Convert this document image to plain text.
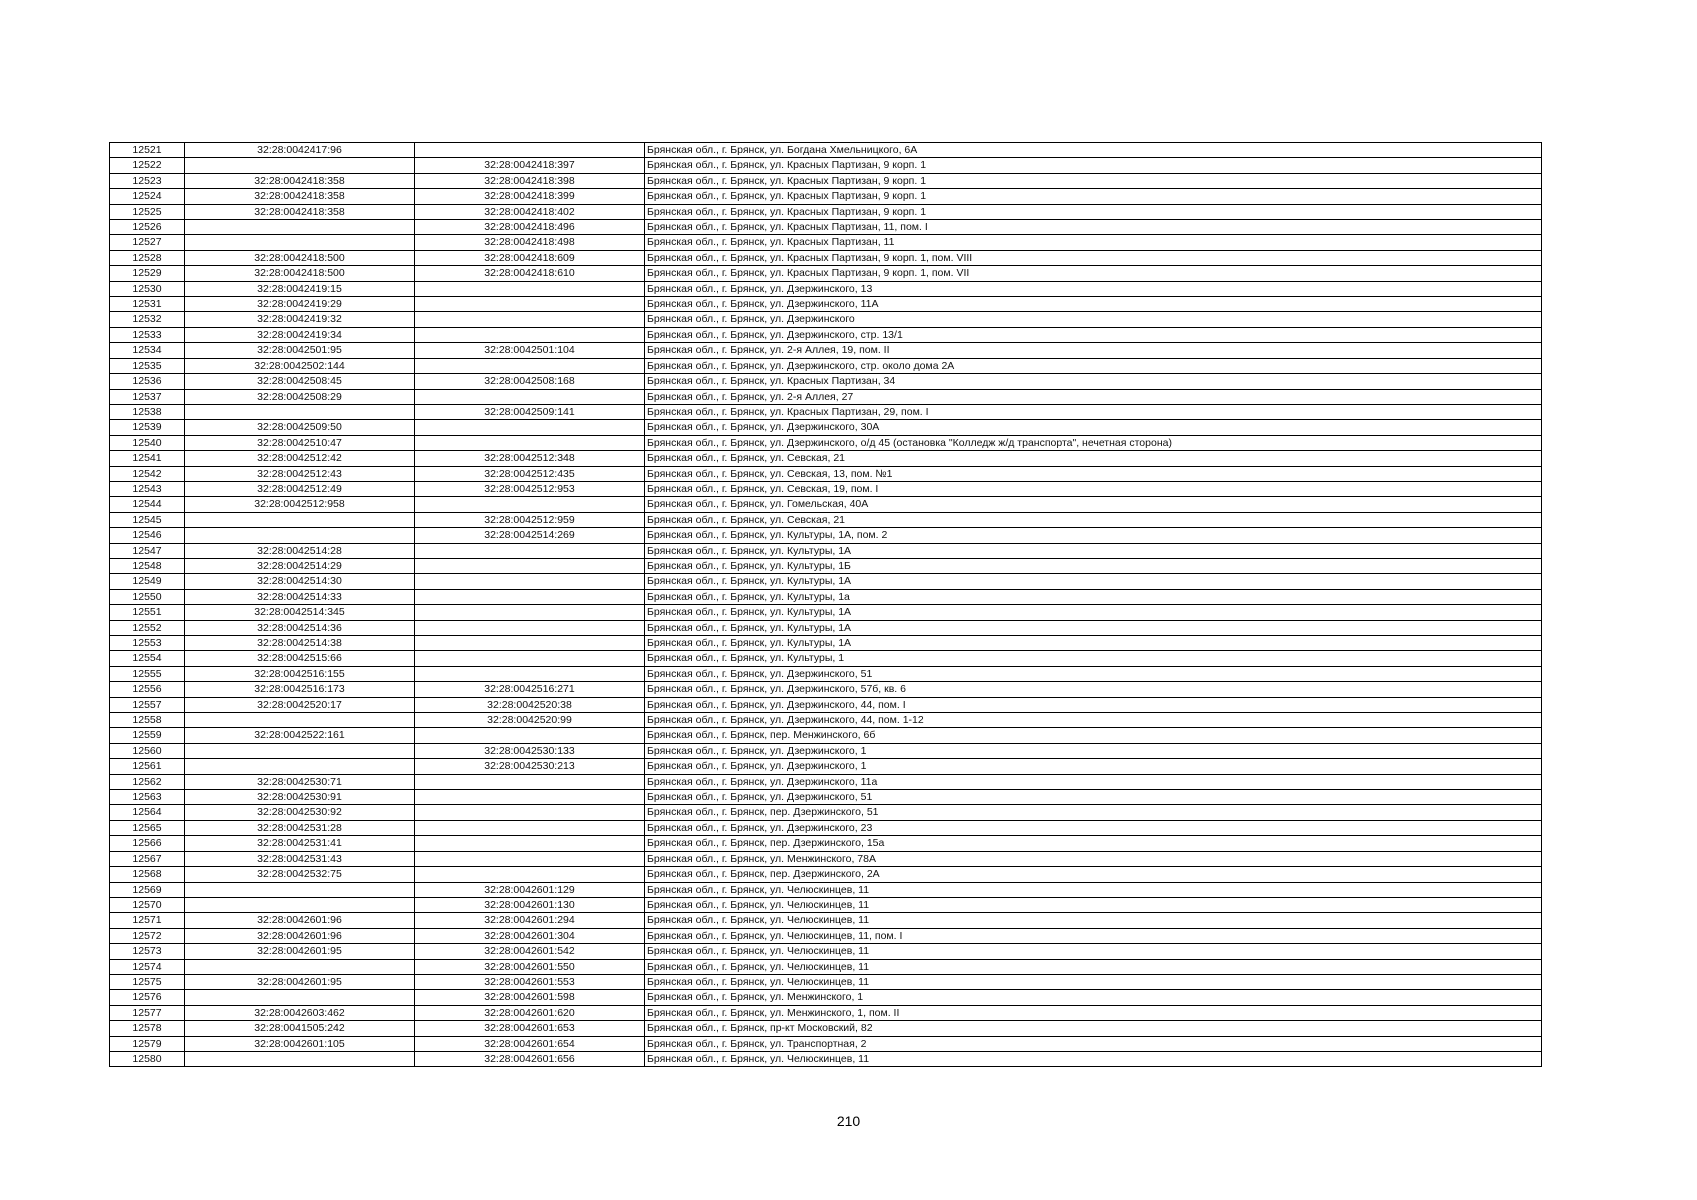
12521	32:28:0042417:96		Брянская обл., г. Брянск, ул. Богдана Хмельницкого, 6А
12522		32:28:0042418:397	Брянская обл., г. Брянск, ул. Красных Партизан, 9 корп. 1
12523	32:28:0042418:358	32:28:0042418:398	Брянская обл., г. Брянск, ул. Красных Партизан, 9 корп. 1
12524	32:28:0042418:358	32:28:0042418:399	Брянская обл., г. Брянск, ул. Красных Партизан, 9 корп. 1
12525	32:28:0042418:358	32:28:0042418:402	Брянская обл., г. Брянск, ул. Красных Партизан, 9 корп. 1
12526		32:28:0042418:496	Брянская обл., г. Брянск, ул. Красных Партизан, 11, пом. I
12527		32:28:0042418:498	Брянская обл., г. Брянск, ул. Красных Партизан, 11
12528	32:28:0042418:500	32:28:0042418:609	Брянская обл., г. Брянск, ул. Красных Партизан, 9 корп. 1, пом. VIII
12529	32:28:0042418:500	32:28:0042418:610	Брянская обл., г. Брянск, ул. Красных Партизан, 9 корп. 1, пом. VII
12530	32:28:0042419:15		Брянская обл., г. Брянск, ул. Дзержинского, 13
12531	32:28:0042419:29		Брянская обл., г. Брянск, ул. Дзержинского, 11А
12532	32:28:0042419:32		Брянская обл., г. Брянск, ул. Дзержинского
12533	32:28:0042419:34		Брянская обл., г. Брянск, ул. Дзержинского, стр. 13/1
12534	32:28:0042501:95	32:28:0042501:104	Брянская обл., г. Брянск, ул. 2-я Аллея, 19, пом. II
12535	32:28:0042502:144		Брянская обл., г. Брянск, ул. Дзержинского, стр. около дома 2А
12536	32:28:0042508:45	32:28:0042508:168	Брянская обл., г. Брянск, ул. Красных Партизан, 34
12537	32:28:0042508:29		Брянская обл., г. Брянск, ул. 2-я Аллея, 27
12538		32:28:0042509:141	Брянская обл., г. Брянск, ул. Красных Партизан, 29, пом. I
12539	32:28:0042509:50		Брянская обл., г. Брянск, ул. Дзержинского, 30А
12540	32:28:0042510:47		Брянская обл., г. Брянск, ул. Дзержинского, о/д 45 (остановка "Колледж ж/д транспорта", нечетная сторона)
12541	32:28:0042512:42	32:28:0042512:348	Брянская обл., г. Брянск, ул. Севская, 21
12542	32:28:0042512:43	32:28:0042512:435	Брянская обл., г. Брянск, ул. Севская, 13, пом. №1
12543	32:28:0042512:49	32:28:0042512:953	Брянская обл., г. Брянск, ул. Севская, 19, пом. I
12544	32:28:0042512:958		Брянская обл., г. Брянск, ул. Гомельская, 40А
12545		32:28:0042512:959	Брянская обл., г. Брянск, ул. Севская, 21
12546		32:28:0042514:269	Брянская обл., г. Брянск, ул. Культуры, 1А, пом. 2
12547	32:28:0042514:28		Брянская обл., г. Брянск, ул. Культуры, 1А
12548	32:28:0042514:29		Брянская обл., г. Брянск, ул. Культуры, 1Б
12549	32:28:0042514:30		Брянская обл., г. Брянск, ул. Культуры, 1А
12550	32:28:0042514:33		Брянская обл., г. Брянск, ул. Культуры, 1а
12551	32:28:0042514:345		Брянская обл., г. Брянск, ул. Культуры, 1А
12552	32:28:0042514:36		Брянская обл., г. Брянск, ул. Культуры, 1А
12553	32:28:0042514:38		Брянская обл., г. Брянск, ул. Культуры, 1А
12554	32:28:0042515:66		Брянская обл., г. Брянск, ул. Культуры, 1
12555	32:28:0042516:155		Брянская обл., г. Брянск, ул. Дзержинского, 51
12556	32:28:0042516:173	32:28:0042516:271	Брянская обл., г. Брянск, ул. Дзержинского, 57б, кв. 6
12557	32:28:0042520:17	32:28:0042520:38	Брянская обл., г. Брянск, ул. Дзержинского, 44, пом. I
12558		32:28:0042520:99	Брянская обл., г. Брянск, ул. Дзержинского, 44, пом. 1-12
12559	32:28:0042522:161		Брянская обл., г. Брянск, пер. Менжинского, 6б
12560		32:28:0042530:133	Брянская обл., г. Брянск, ул. Дзержинского, 1
12561		32:28:0042530:213	Брянская обл., г. Брянск, ул. Дзержинского, 1
12562	32:28:0042530:71		Брянская обл., г. Брянск, ул. Дзержинского, 11а
12563	32:28:0042530:91		Брянская обл., г. Брянск, ул. Дзержинского, 51
12564	32:28:0042530:92		Брянская обл., г. Брянск, пер. Дзержинского, 51
12565	32:28:0042531:28		Брянская обл., г. Брянск, ул. Дзержинского, 23
12566	32:28:0042531:41		Брянская обл., г. Брянск, пер. Дзержинского, 15а
12567	32:28:0042531:43		Брянская обл., г. Брянск, ул. Менжинского, 78А
12568	32:28:0042532:75		Брянская обл., г. Брянск, пер. Дзержинского, 2А
12569		32:28:0042601:129	Брянская обл., г. Брянск, ул. Челюскинцев, 11
12570		32:28:0042601:130	Брянская обл., г. Брянск, ул. Челюскинцев, 11
12571	32:28:0042601:96	32:28:0042601:294	Брянская обл., г. Брянск, ул. Челюскинцев, 11
12572	32:28:0042601:96	32:28:0042601:304	Брянская обл., г. Брянск, ул. Челюскинцев, 11, пом. I
12573	32:28:0042601:95	32:28:0042601:542	Брянская обл., г. Брянск, ул. Челюскинцев, 11
12574		32:28:0042601:550	Брянская обл., г. Брянск, ул. Челюскинцев, 11
12575	32:28:0042601:95	32:28:0042601:553	Брянская обл., г. Брянск, ул. Челюскинцев, 11
12576		32:28:0042601:598	Брянская обл., г. Брянск, ул. Менжинского, 1
12577	32:28:0042603:462	32:28:0042601:620	Брянская обл., г. Брянск, ул. Менжинского, 1, пом. II
12578	32:28:0041505:242	32:28:0042601:653	Брянская обл., г. Брянск, пр-кт Московский, 82
12579	32:28:0042601:105	32:28:0042601:654	Брянская обл., г. Брянск, ул. Транспортная, 2
12580		32:28:0042601:656	Брянская обл., г. Брянск, ул. Челюскинцев, 11
210
